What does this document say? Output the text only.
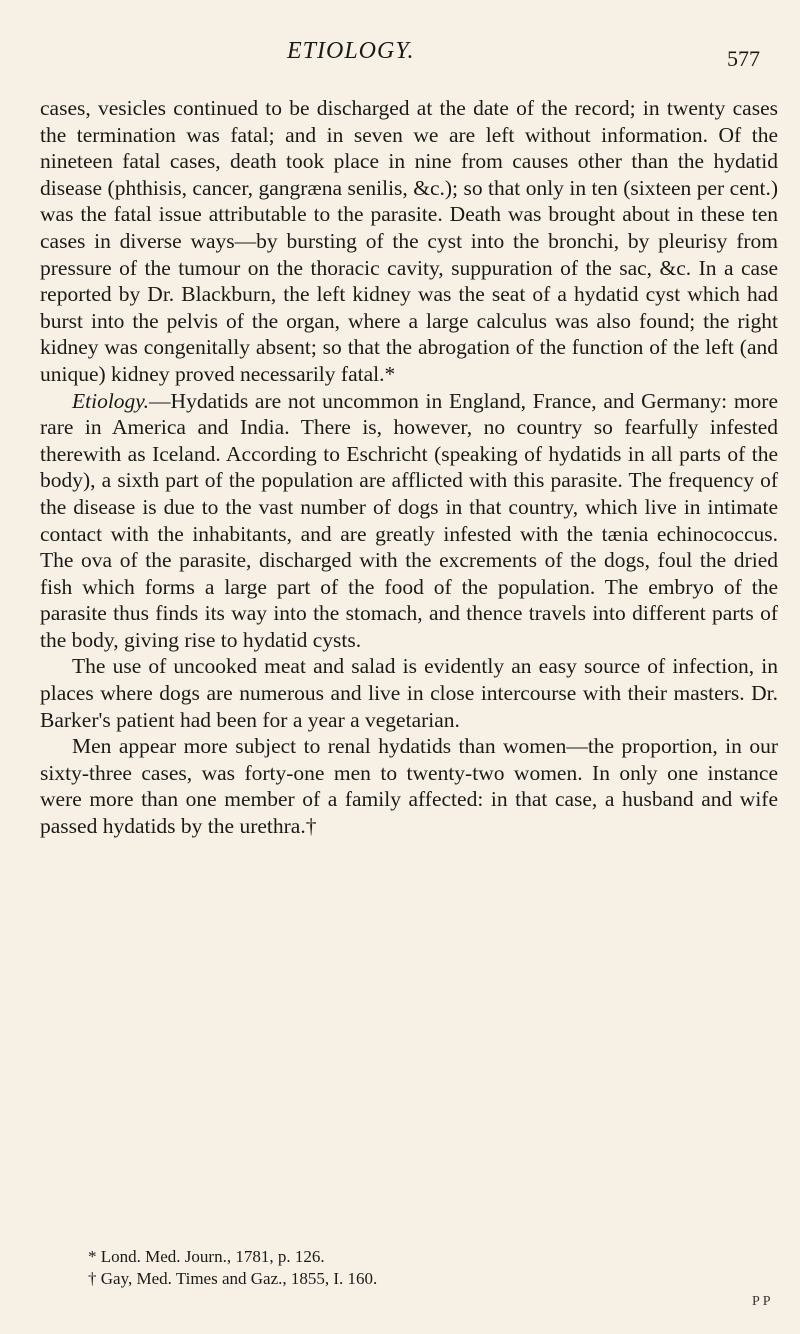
ETIOLOGY.	577

cases, vesicles continued to be discharged at the date of the record; in twenty cases the termination was fatal; and in seven we are left without information. Of the nineteen fatal cases, death took place in nine from causes other than the hydatid disease (phthisis, cancer, gangræna senilis, &c.); so that only in ten (sixteen per cent.) was the fatal issue attributable to the parasite. Death was brought about in these ten cases in diverse ways—by bursting of the cyst into the bronchi, by pleurisy from pressure of the tumour on the thoracic cavity, suppuration of the sac, &c. In a case reported by Dr. Blackburn, the left kidney was the seat of a hydatid cyst which had burst into the pelvis of the organ, where a large calculus was also found; the right kidney was congenitally absent; so that the abrogation of the function of the left (and unique) kidney proved necessarily fatal.*

Etiology.—Hydatids are not uncommon in England, France, and Germany: more rare in America and India. There is, however, no country so fearfully infested therewith as Iceland. According to Eschricht (speaking of hydatids in all parts of the body), a sixth part of the population are afflicted with this parasite. The frequency of the disease is due to the vast number of dogs in that country, which live in intimate contact with the inhabitants, and are greatly infested with the tænia echinococcus. The ova of the parasite, discharged with the excrements of the dogs, foul the dried fish which forms a large part of the food of the population. The embryo of the parasite thus finds its way into the stomach, and thence travels into different parts of the body, giving rise to hydatid cysts.

The use of uncooked meat and salad is evidently an easy source of infection, in places where dogs are numerous and live in close intercourse with their masters. Dr. Barker's patient had been for a year a vegetarian.

Men appear more subject to renal hydatids than women—the proportion, in our sixty-three cases, was forty-one men to twenty-two women. In only one instance were more than one member of a family affected: in that case, a husband and wife passed hydatids by the urethra.†

* Lond. Med. Journ., 1781, p. 126.

† Gay, Med. Times and Gaz., 1855, I. 160.

P P
